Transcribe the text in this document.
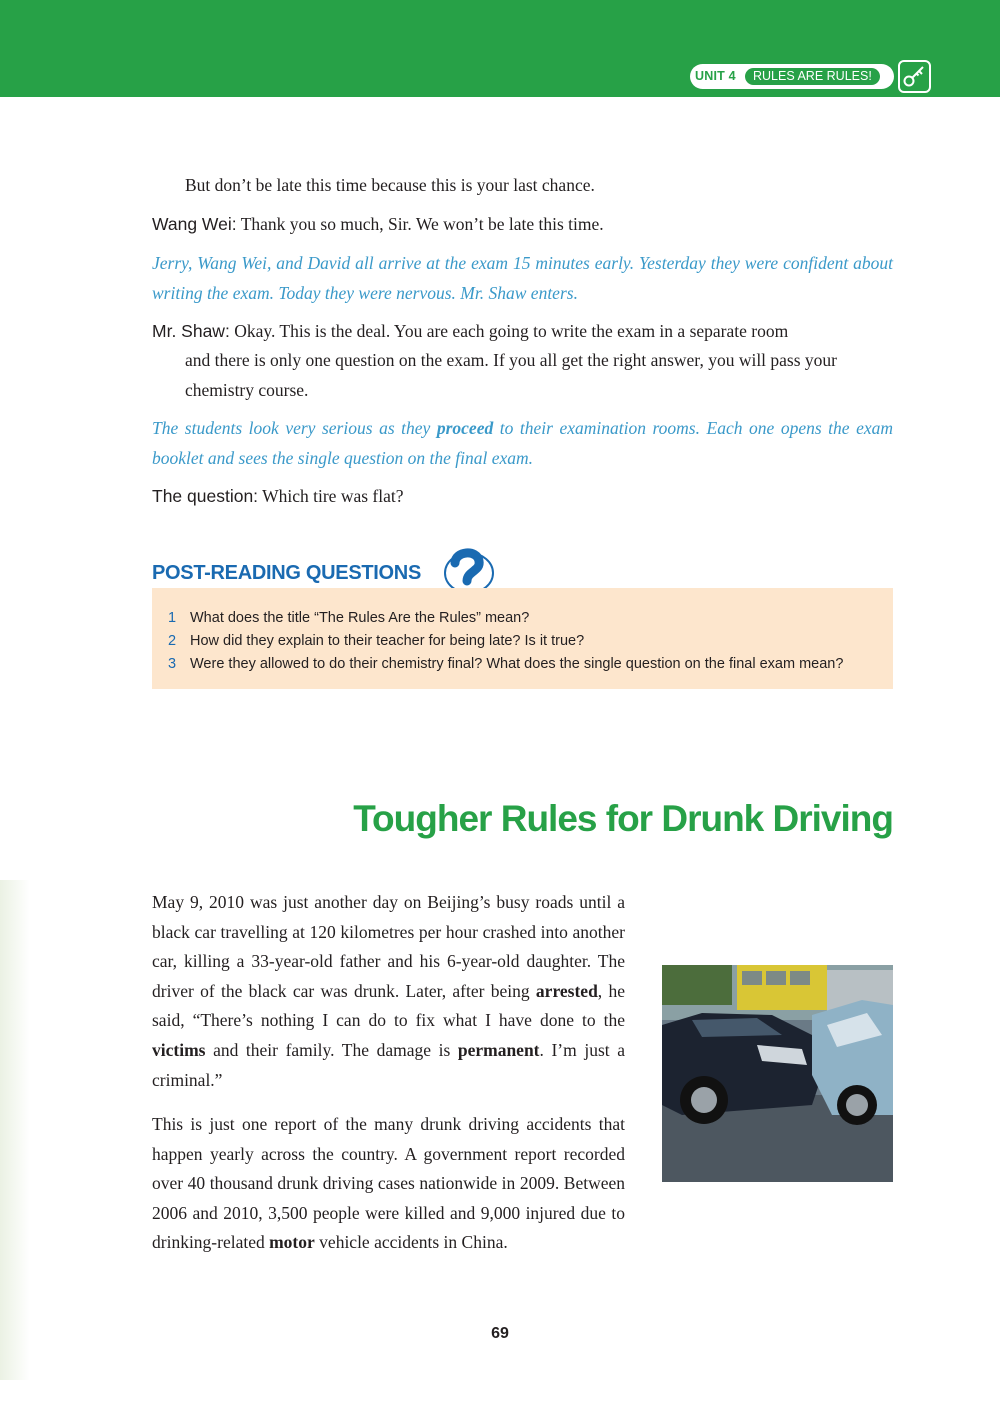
UNIT 4	RULES ARE RULES!
But don’t be late this time because this is your last chance.
Wang Wei: Thank you so much, Sir. We won’t be late this time.
Jerry, Wang Wei, and David all arrive at the exam 15 minutes early. Yesterday they were confident about writing the exam. Today they were nervous. Mr. Shaw enters.
Mr. Shaw: Okay. This is the deal. You are each going to write the exam in a separate room
and there is only one question on the exam. If you all get the right answer, you will pass your chemistry course.
The students look very serious as they proceed to their examination rooms. Each one opens the exam booklet and sees the single question on the final exam.
The question: Which tire was flat?
POST-READING QUESTIONS
1 What does the title “The Rules Are the Rules” mean?
2 How did they explain to their teacher for being late? Is it true?
3 Were they allowed to do their chemistry final? What does the single question on the final exam mean?
Tougher Rules for Drunk Driving
May 9, 2010 was just another day on Beijing’s busy roads until a black car travelling at 120 kilometres per hour crashed into another car, killing a 33-year-old father and his 6-year-old daughter. The driver of the black car was drunk. Later, after being arrested, he said, “There’s nothing I can do to fix what I have done to the victims and their family. The damage is permanent. I’m just a criminal.”
This is just one report of the many drunk driving accidents that happen yearly across the country. A government report recorded over 40 thousand drunk driving cases nationwide in 2009. Between 2006 and 2010, 3,500 people were killed and 9,000 injured due to drinking-related motor vehicle accidents in China.
69
